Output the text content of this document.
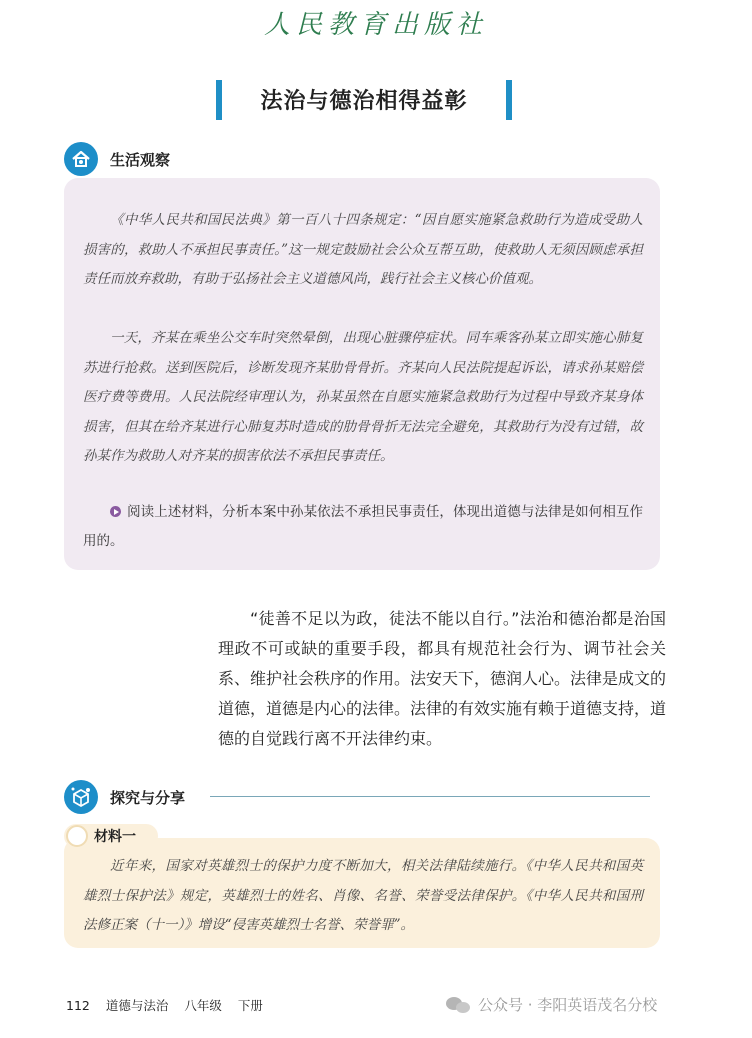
人民教育出版社
法治与德治相得益彰
生活观察
《中华人民共和国民法典》第一百八十四条规定：“因自愿实施紧急救助行为造成受助人损害的，救助人不承担民事责任。”这一规定鼓励社会公众互帮互助，使救助人无须因顾虑承担责任而放弃救助，有助于弘扬社会主义道德风尚，践行社会主义核心价值观。
一天，齐某在乘坐公交车时突然晕倒，出现心脏骤停症状。同车乘客孙某立即实施心肺复苏进行抢救。送到医院后，诊断发现齐某肋骨骨折。齐某向人民法院提起诉讼，请求孙某赔偿医疗费等费用。人民法院经审理认为，孙某虽然在自愿实施紧急救助行为过程中导致齐某身体损害，但其在给齐某进行心肺复苏时造成的肋骨骨折无法完全避免，其救助行为没有过错，故孙某作为救助人对齐某的损害依法不承担民事责任。
阅读上述材料，分析本案中孙某依法不承担民事责任，体现出道德与法律是如何相互作用的。
“徒善不足以为政，徒法不能以自行。”法治和德治都是治国理政不可或缺的重要手段，都具有规范社会行为、调节社会关系、维护社会秩序的作用。法安天下，德润人心。法律是成文的道德，道德是内心的法律。法律的有效实施有赖于道德支持，道德的自觉践行离不开法律约束。
探究与分享
材料一
近年来，国家对英雄烈士的保护力度不断加大，相关法律陆续施行。《中华人民共和国英雄烈士保护法》规定，英雄烈士的姓名、肖像、名誉、荣誉受法律保护。《中华人民共和国刑法修正案（十一）》增设“侵害英雄烈士名誉、荣誉罪”。
112 道德与法治 八年级 下册	公众号 · 李阳英语茂名分校
